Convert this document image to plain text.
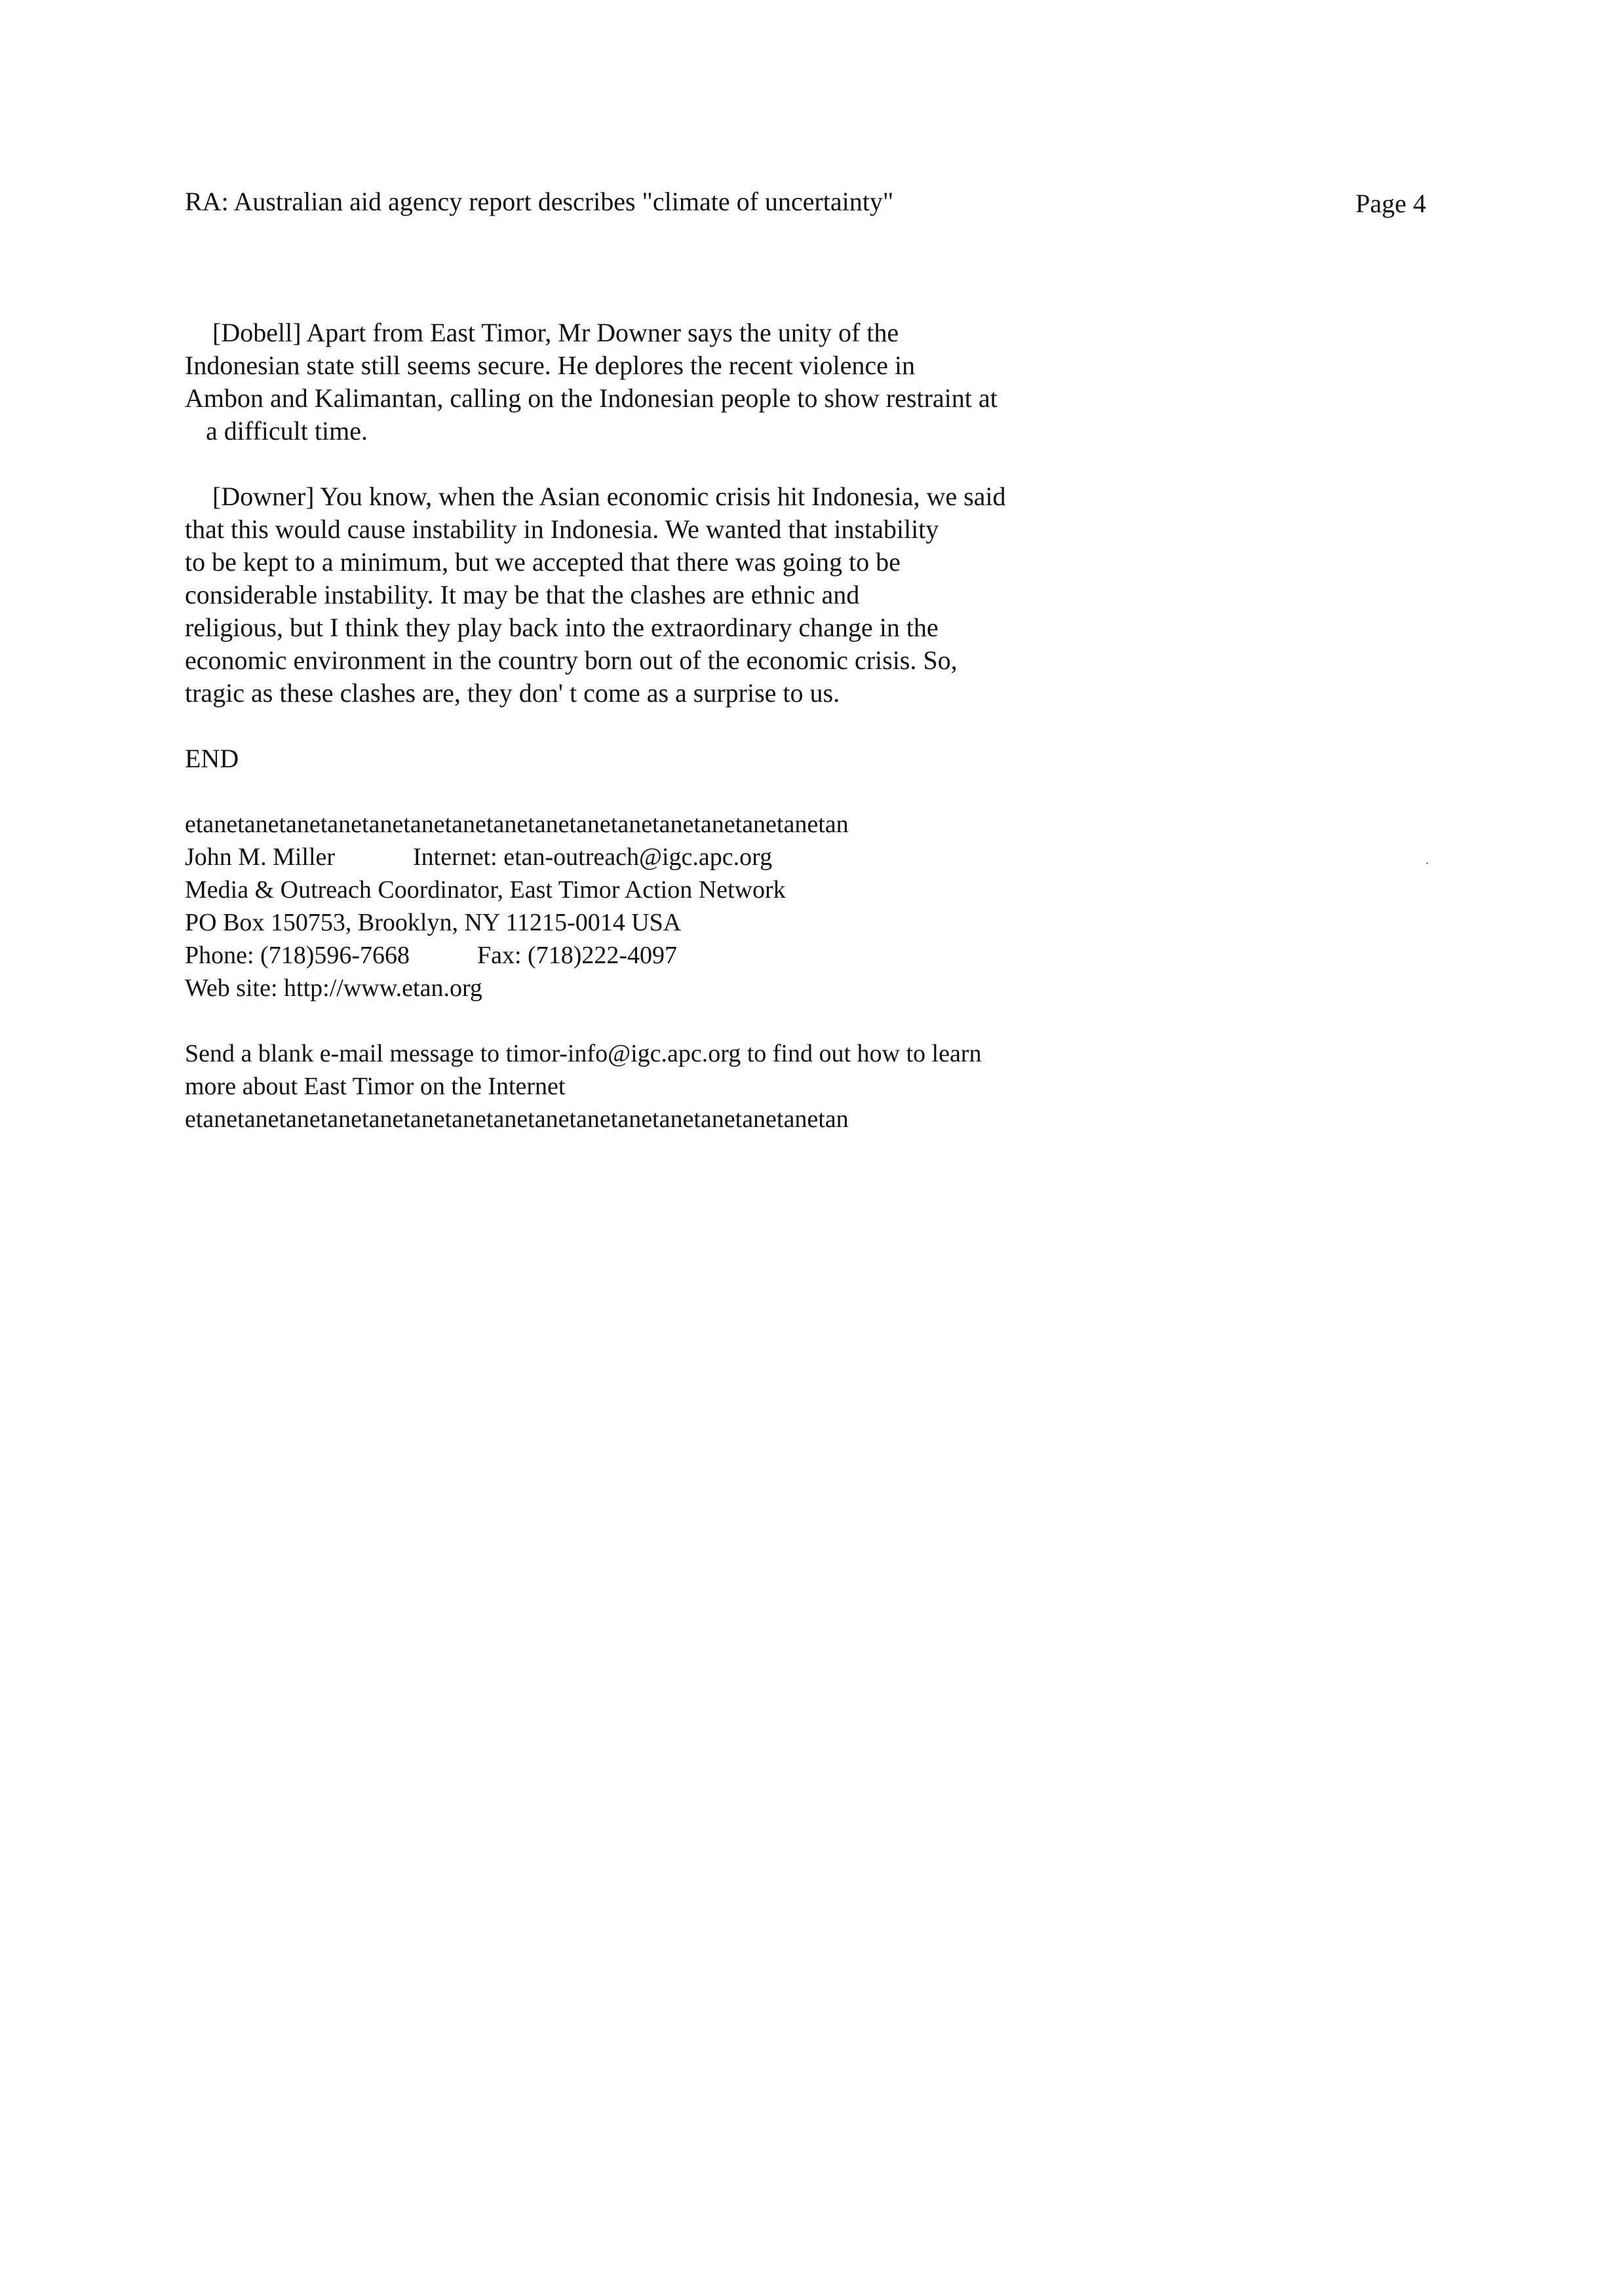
RA: Australian aid agency report describes "climate of uncertainty"	Page 4
[Dobell] Apart from East Timor, Mr Downer says the unity of the
Indonesian state still seems secure. He deplores the recent violence in
Ambon and Kalimantan, calling on the Indonesian people to show restraint at
a difficult time.
[Downer] You know, when the Asian economic crisis hit Indonesia, we said
that this would cause instability in Indonesia. We wanted that instability
to be kept to a minimum, but we accepted that there was going to be
considerable instability. It may be that the clashes are ethnic and
religious, but I think they play back into the extraordinary change in the
economic environment in the country born out of the economic crisis. So,
tragic as these clashes are, they don' t come as a surprise to us.
END
etanetanetanetanetanetanetanetanetanetanetanetanetanetanetanetan
John M. Miller	Internet: etan-outreach@igc.apc.org
Media & Outreach Coordinator, East Timor Action Network
PO Box 150753, Brooklyn, NY 11215-0014 USA
Phone: (718)596-7668	Fax: (718)222-4097
Web site: http://www.etan.org
Send a blank e-mail message to timor-info@igc.apc.org to find out how to learn
more about East Timor on the Internet
etanetanetanetanetanetanetanetanetanetanetanetanetanetanetanetan
